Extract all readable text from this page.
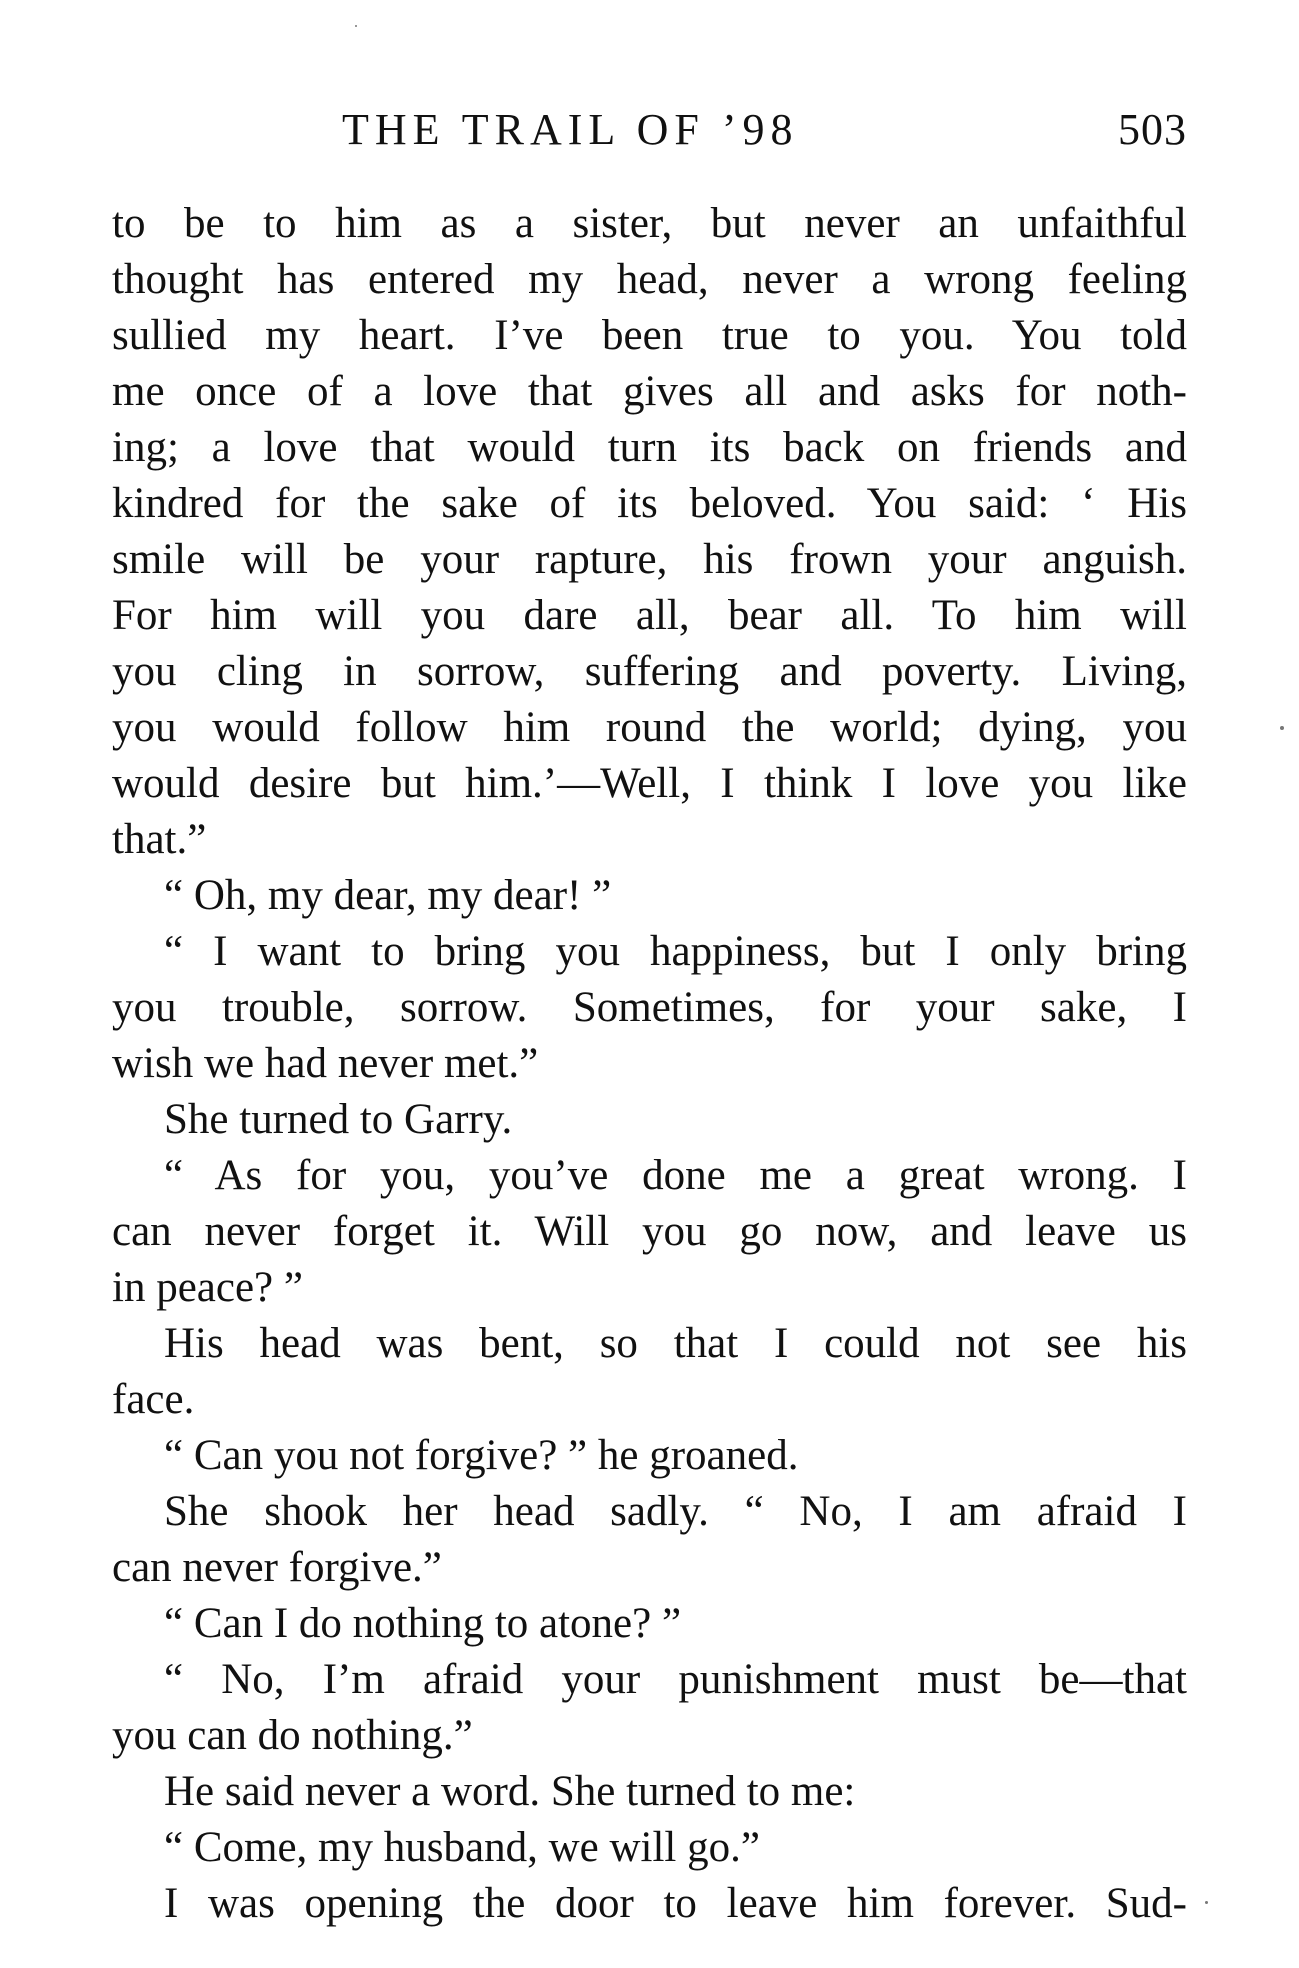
THE TRAIL OF ’98	503
to be to him as a sister, but never an unfaithful
thought has entered my head, never a wrong feeling
sullied my heart. I’ve been true to you. You told
me once of a love that gives all and asks for noth-
ing; a love that would turn its back on friends and
kindred for the sake of its beloved. You said: ‘ His
smile will be your rapture, his frown your anguish.
For him will you dare all, bear all. To him will
you cling in sorrow, suffering and poverty. Living,
you would follow him round the world; dying, you
would desire but him.’—Well, I think I love you like
that.”
“ Oh, my dear, my dear! ”
“ I want to bring you happiness, but I only bring
you trouble, sorrow. Sometimes, for your sake, I
wish we had never met.”
She turned to Garry.
“ As for you, you’ve done me a great wrong. I
can never forget it. Will you go now, and leave us
in peace? ”
His head was bent, so that I could not see his
face.
“ Can you not forgive? ” he groaned.
She shook her head sadly. “ No, I am afraid I
can never forgive.”
“ Can I do nothing to atone? ”
“ No, I’m afraid your punishment must be—that
you can do nothing.”
He said never a word. She turned to me:
“ Come, my husband, we will go.”
I was opening the door to leave him forever. Sud-
